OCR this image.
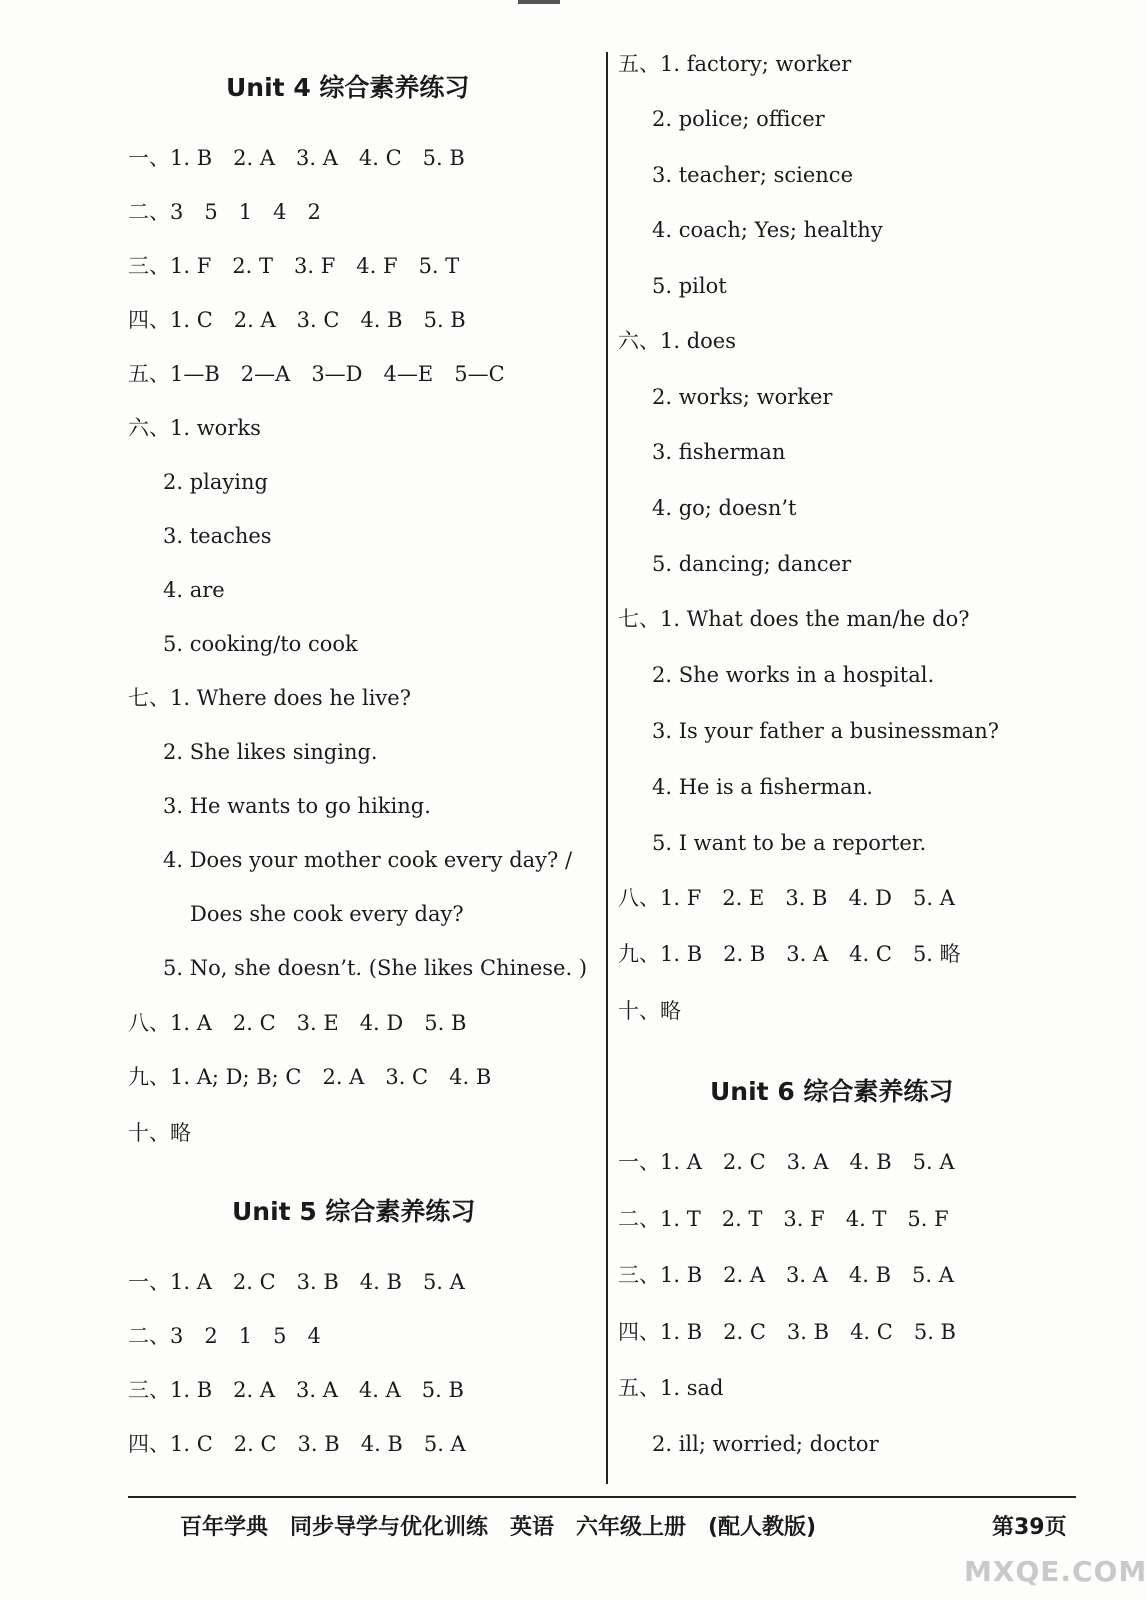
Unit 4 综合素养练习
一、1. B　2. A　3. A　4. C　5. B
二、3　5　1　4　2
三、1. F　2. T　3. F　4. F　5. T
四、1. C　2. A　3. C　4. B　5. B
五、1—B　2—A　3—D　4—E　5—C
六、1. works
2. playing
3. teaches
4. are
5. cooking/to cook
七、1. Where does he live?
2. She likes singing.
3. He wants to go hiking.
4. Does your mother cook every day? /
Does she cook every day?
5. No, she doesn’t. (She likes Chinese. )
八、1. A　2. C　3. E　4. D　5. B
九、1. A; D; B; C　2. A　3. C　4. B
十、略
Unit 5 综合素养练习
一、1. A　2. C　3. B　4. B　5. A
二、3　2　1　5　4
三、1. B　2. A　3. A　4. A　5. B
四、1. C　2. C　3. B　4. B　5. A
五、1. factory; worker
2. police; officer
3. teacher; science
4. coach; Yes; healthy
5. pilot
六、1. does
2. works; worker
3. fisherman
4. go; doesn’t
5. dancing; dancer
七、1. What does the man/he do?
2. She works in a hospital.
3. Is your father a businessman?
4. He is a fisherman.
5. I want to be a reporter.
八、1. F　2. E　3. B　4. D　5. A
九、1. B　2. B　3. A　4. C　5. 略
十、略
Unit 6 综合素养练习
一、1. A　2. C　3. A　4. B　5. A
二、1. T　2. T　3. F　4. T　5. F
三、1. B　2. A　3. A　4. B　5. A
四、1. B　2. C　3. B　4. C　5. B
五、1. sad
2. ill; worried; doctor
百年学典　同步导学与优化训练　英语　六年级上册　(配人教版)	第39页
MXQE.COM
